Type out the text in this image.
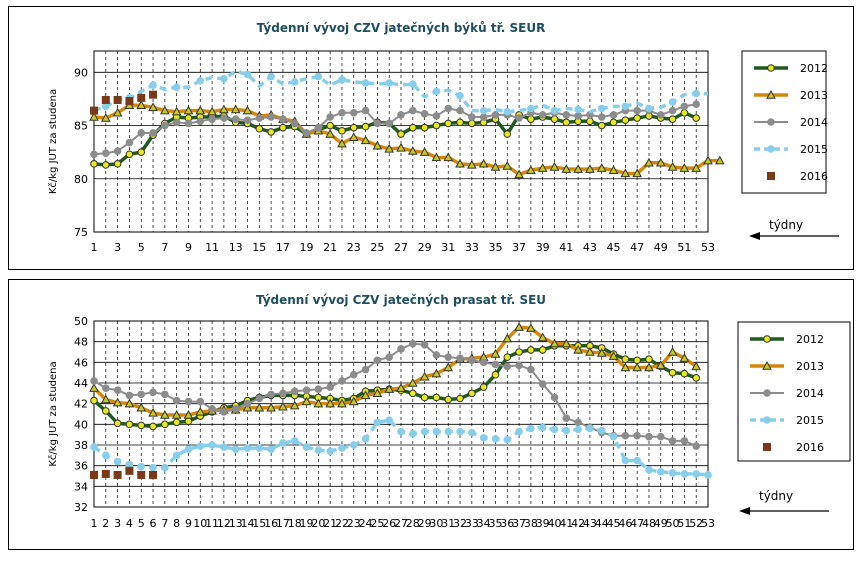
Týdenní vývoj CZV jatečných býků tř. SEUR
75
80
85
90
1 3 5 7 9 11 13 15 17 19 21 23 25 27 29 31 33 35 37 39 41 43 45 47 49 51 53
Kč/kg JUT za studena
2012
2013
2014
2015
2016
týdny
Týdenní vývoj CZV jatečných prasat tř. SEU
32
34
36
38
40
42
44
46
48
50
1 2 3 4 5 6 7 8 9 10
11
12
13
14
15
16
17
18
19
20
21
22
23
24
25
26
27
28
29
30
31
32
33
34
35
36
37
38
39
40
41
42
43
44
45
46
47
48
49
50
51
52
53
Kč/kg JUT za studena
2012
2013
2014
2015
2016
týdny
